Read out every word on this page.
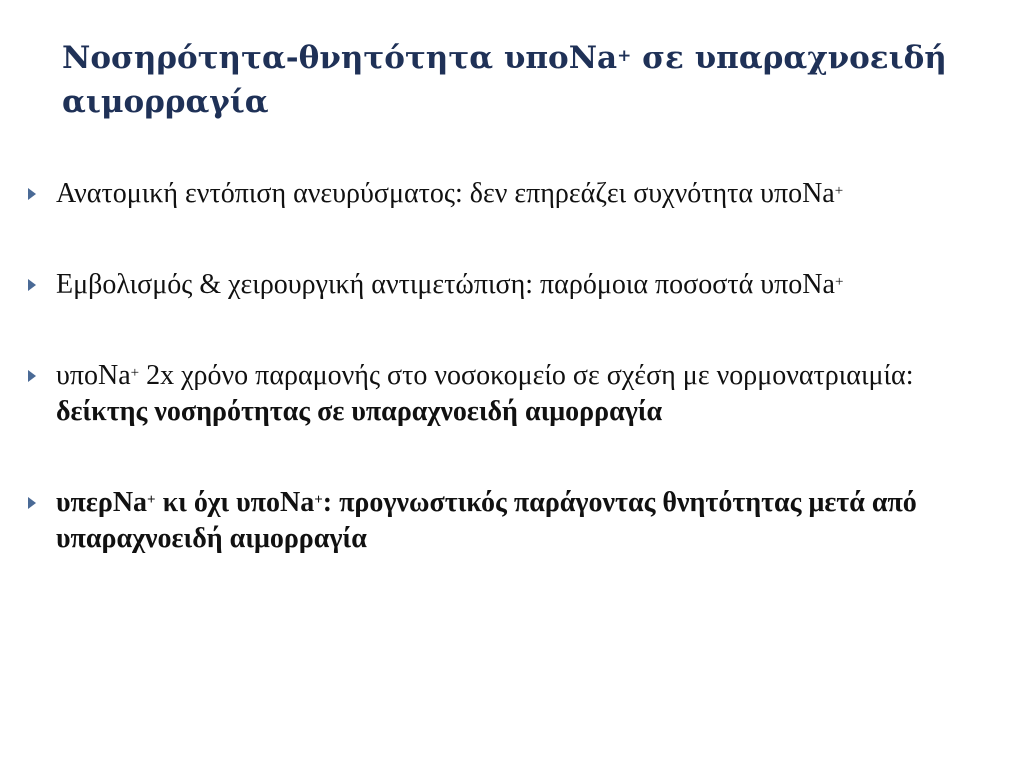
Νοσηρότητα-θνητότητα υποNa+ σε υπαραχνοειδή αιμορραγία
Ανατομική εντόπιση ανευρύσματος: δεν επηρεάζει συχνότητα υποNa+
Εμβολισμός & χειρουργική αντιμετώπιση: παρόμοια ποσοστά υποNa+
υποNa+ 2x χρόνο παραμονής στο νοσοκομείο σε σχέση με νορμονατριαιμία: δείκτης νοσηρότητας σε υπαραχνοειδή αιμορραγία
υπερNa+ κι όχι υποNa+: προγνωστικός παράγοντας θνητότητας μετά από υπαραχνοειδή αιμορραγία
